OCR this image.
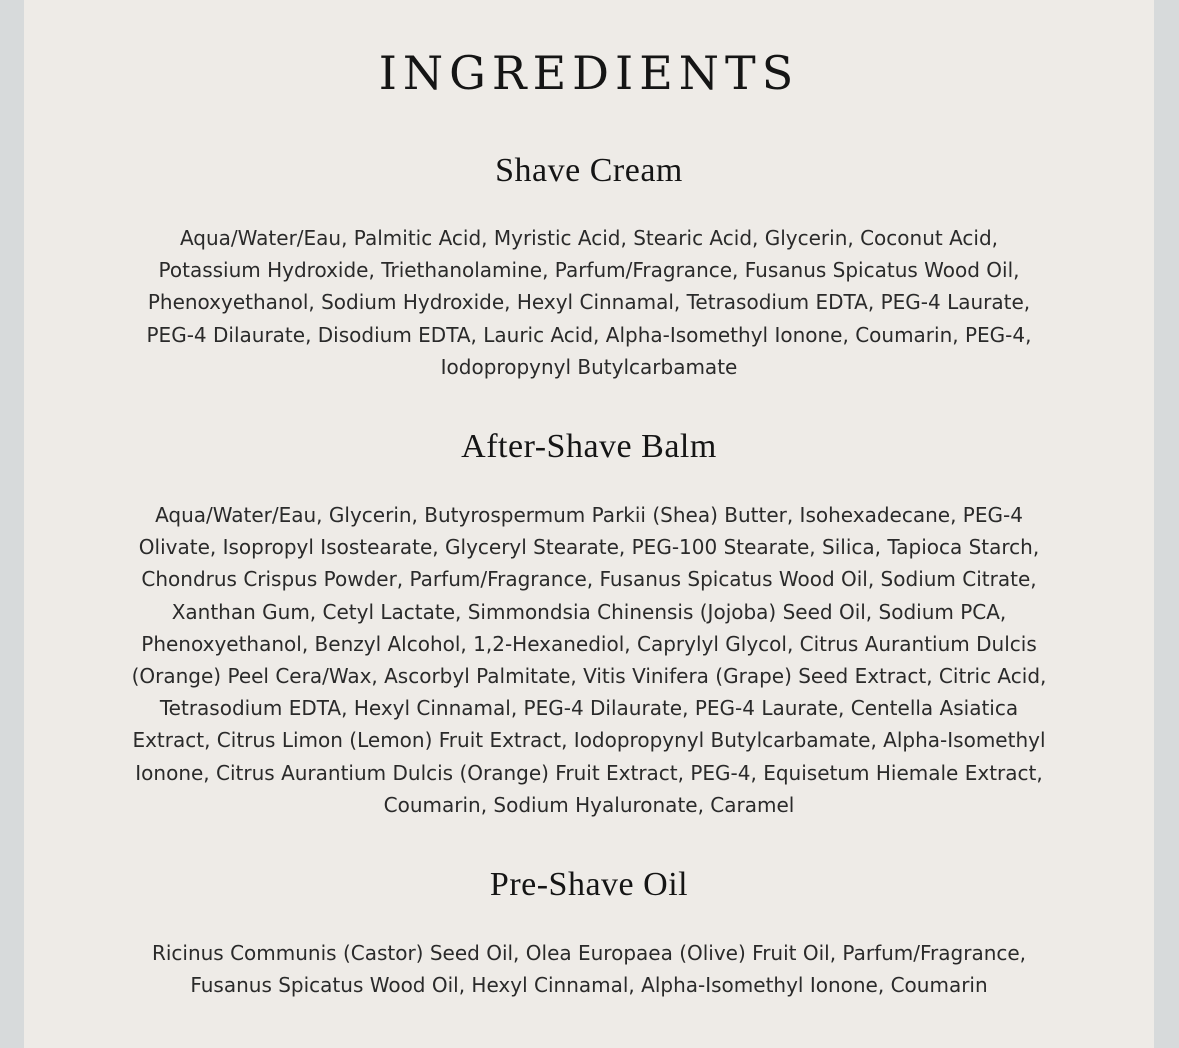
INGREDIENTS
Shave Cream

Aqua/Water/Eau, Palmitic Acid, Myristic Acid, Stearic Acid, Glycerin, Coconut Acid,
Potassium Hydroxide, Triethanolamine, Parfum/Fragrance, Fusanus Spicatus Wood Oil,
Phenoxyethanol, Sodium Hydroxide, Hexyl Cinnamal, Tetrasodium EDTA, PEG-4 Laurate,
PEG-4 Dilaurate, Disodium EDTA, Lauric Acid, Alpha-Isomethyl Ionone, Coumarin, PEG-4,
Iodopropynyl Butylcarbamate

After-Shave Balm

Aqua/Water/Eau, Glycerin, Butyrospermum Parkii (Shea) Butter, Isohexadecane, PEG-4
Olivate, Isopropyl Isostearate, Glyceryl Stearate, PEG-100 Stearate, Silica, Tapioca Starch,
Chondrus Crispus Powder, Parfum/Fragrance, Fusanus Spicatus Wood Oil, Sodium Citrate,
Xanthan Gum, Cetyl Lactate, Simmondsia Chinensis (Jojoba) Seed Oil, Sodium PCA,
Phenoxyethanol, Benzyl Alcohol, 1,2-Hexanediol, Caprylyl Glycol, Citrus Aurantium Dulcis
(Orange) Peel Cera/Wax, Ascorbyl Palmitate, Vitis Vinifera (Grape) Seed Extract, Citric Acid,
Tetrasodium EDTA, Hexyl Cinnamal, PEG-4 Dilaurate, PEG-4 Laurate, Centella Asiatica
Extract, Citrus Limon (Lemon) Fruit Extract, Iodopropynyl Butylcarbamate, Alpha-Isomethyl
Ionone, Citrus Aurantium Dulcis (Orange) Fruit Extract, PEG-4, Equisetum Hiemale Extract,
Coumarin, Sodium Hyaluronate, Caramel

Pre-Shave Oil

Ricinus Communis (Castor) Seed Oil, Olea Europaea (Olive) Fruit Oil, Parfum/Fragrance,
Fusanus Spicatus Wood Oil, Hexyl Cinnamal, Alpha-Isomethyl Ionone, Coumarin
